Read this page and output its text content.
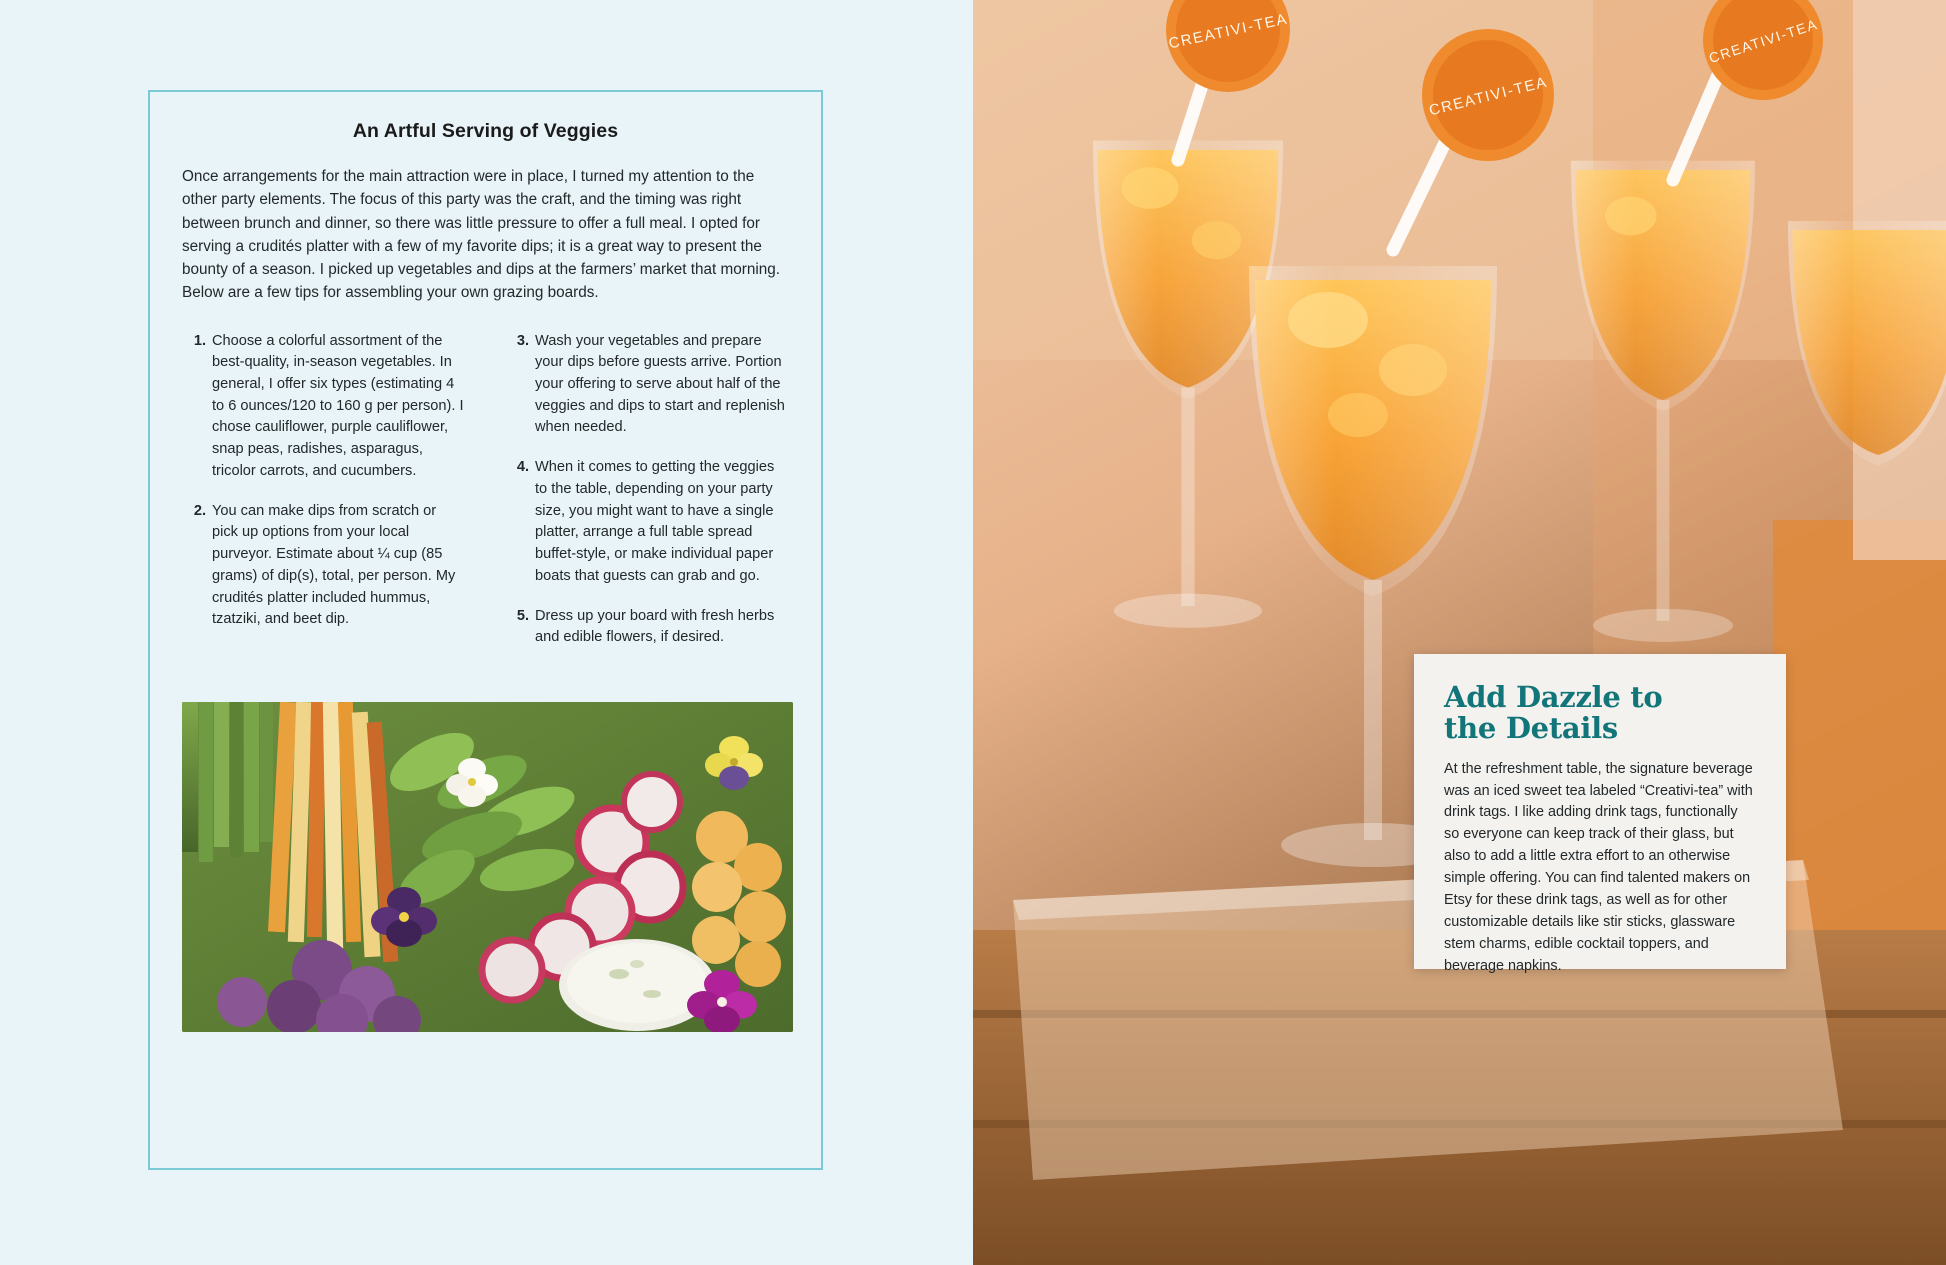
An Artful Serving of Veggies

Once arrangements for the main attraction were in place, I turned my attention to the other party elements. The focus of this party was the craft, and the timing was right between brunch and dinner, so there was little pressure to offer a full meal. I opted for serving a crudités platter with a few of my favorite dips; it is a great way to present the bounty of a season. I picked up vegetables and dips at the farmers’ market that morning. Below are a few tips for assembling your own grazing boards.

1. Choose a colorful assortment of the best-quality, in-season vegetables. In general, I offer six types (estimating 4 to 6 ounces/120 to 160 g per person). I chose cauliflower, purple cauliflower, snap peas, radishes, asparagus, tricolor carrots, and cucumbers.
2. You can make dips from scratch or pick up options from your local purveyor. Estimate about ¼ cup (85 grams) of dip(s), total, per person. My crudités platter included hummus, tzatziki, and beet dip.
3. Wash your vegetables and prepare your dips before guests arrive. Portion your offering to serve about half of the veggies and dips to start and replenish when needed.
4. When it comes to getting the veggies to the table, depending on your party size, you might want to have a single platter, arrange a full table spread buffet-style, or make individual paper boats that guests can grab and go.
5. Dress up your board with fresh herbs and edible flowers, if desired.
CREATIVI-TEA
CREATIVI-TEA
CREATIVI-TEA
Add Dazzle to
the Details

At the refreshment table, the signature beverage was an iced sweet tea labeled “Creativi-tea” with drink tags. I like adding drink tags, functionally so everyone can keep track of their glass, but also to add a little extra effort to an otherwise simple offering. You can find talented makers on Etsy for these drink tags, as well as for other customizable details like stir sticks, glassware stem charms, edible cocktail toppers, and beverage napkins.
